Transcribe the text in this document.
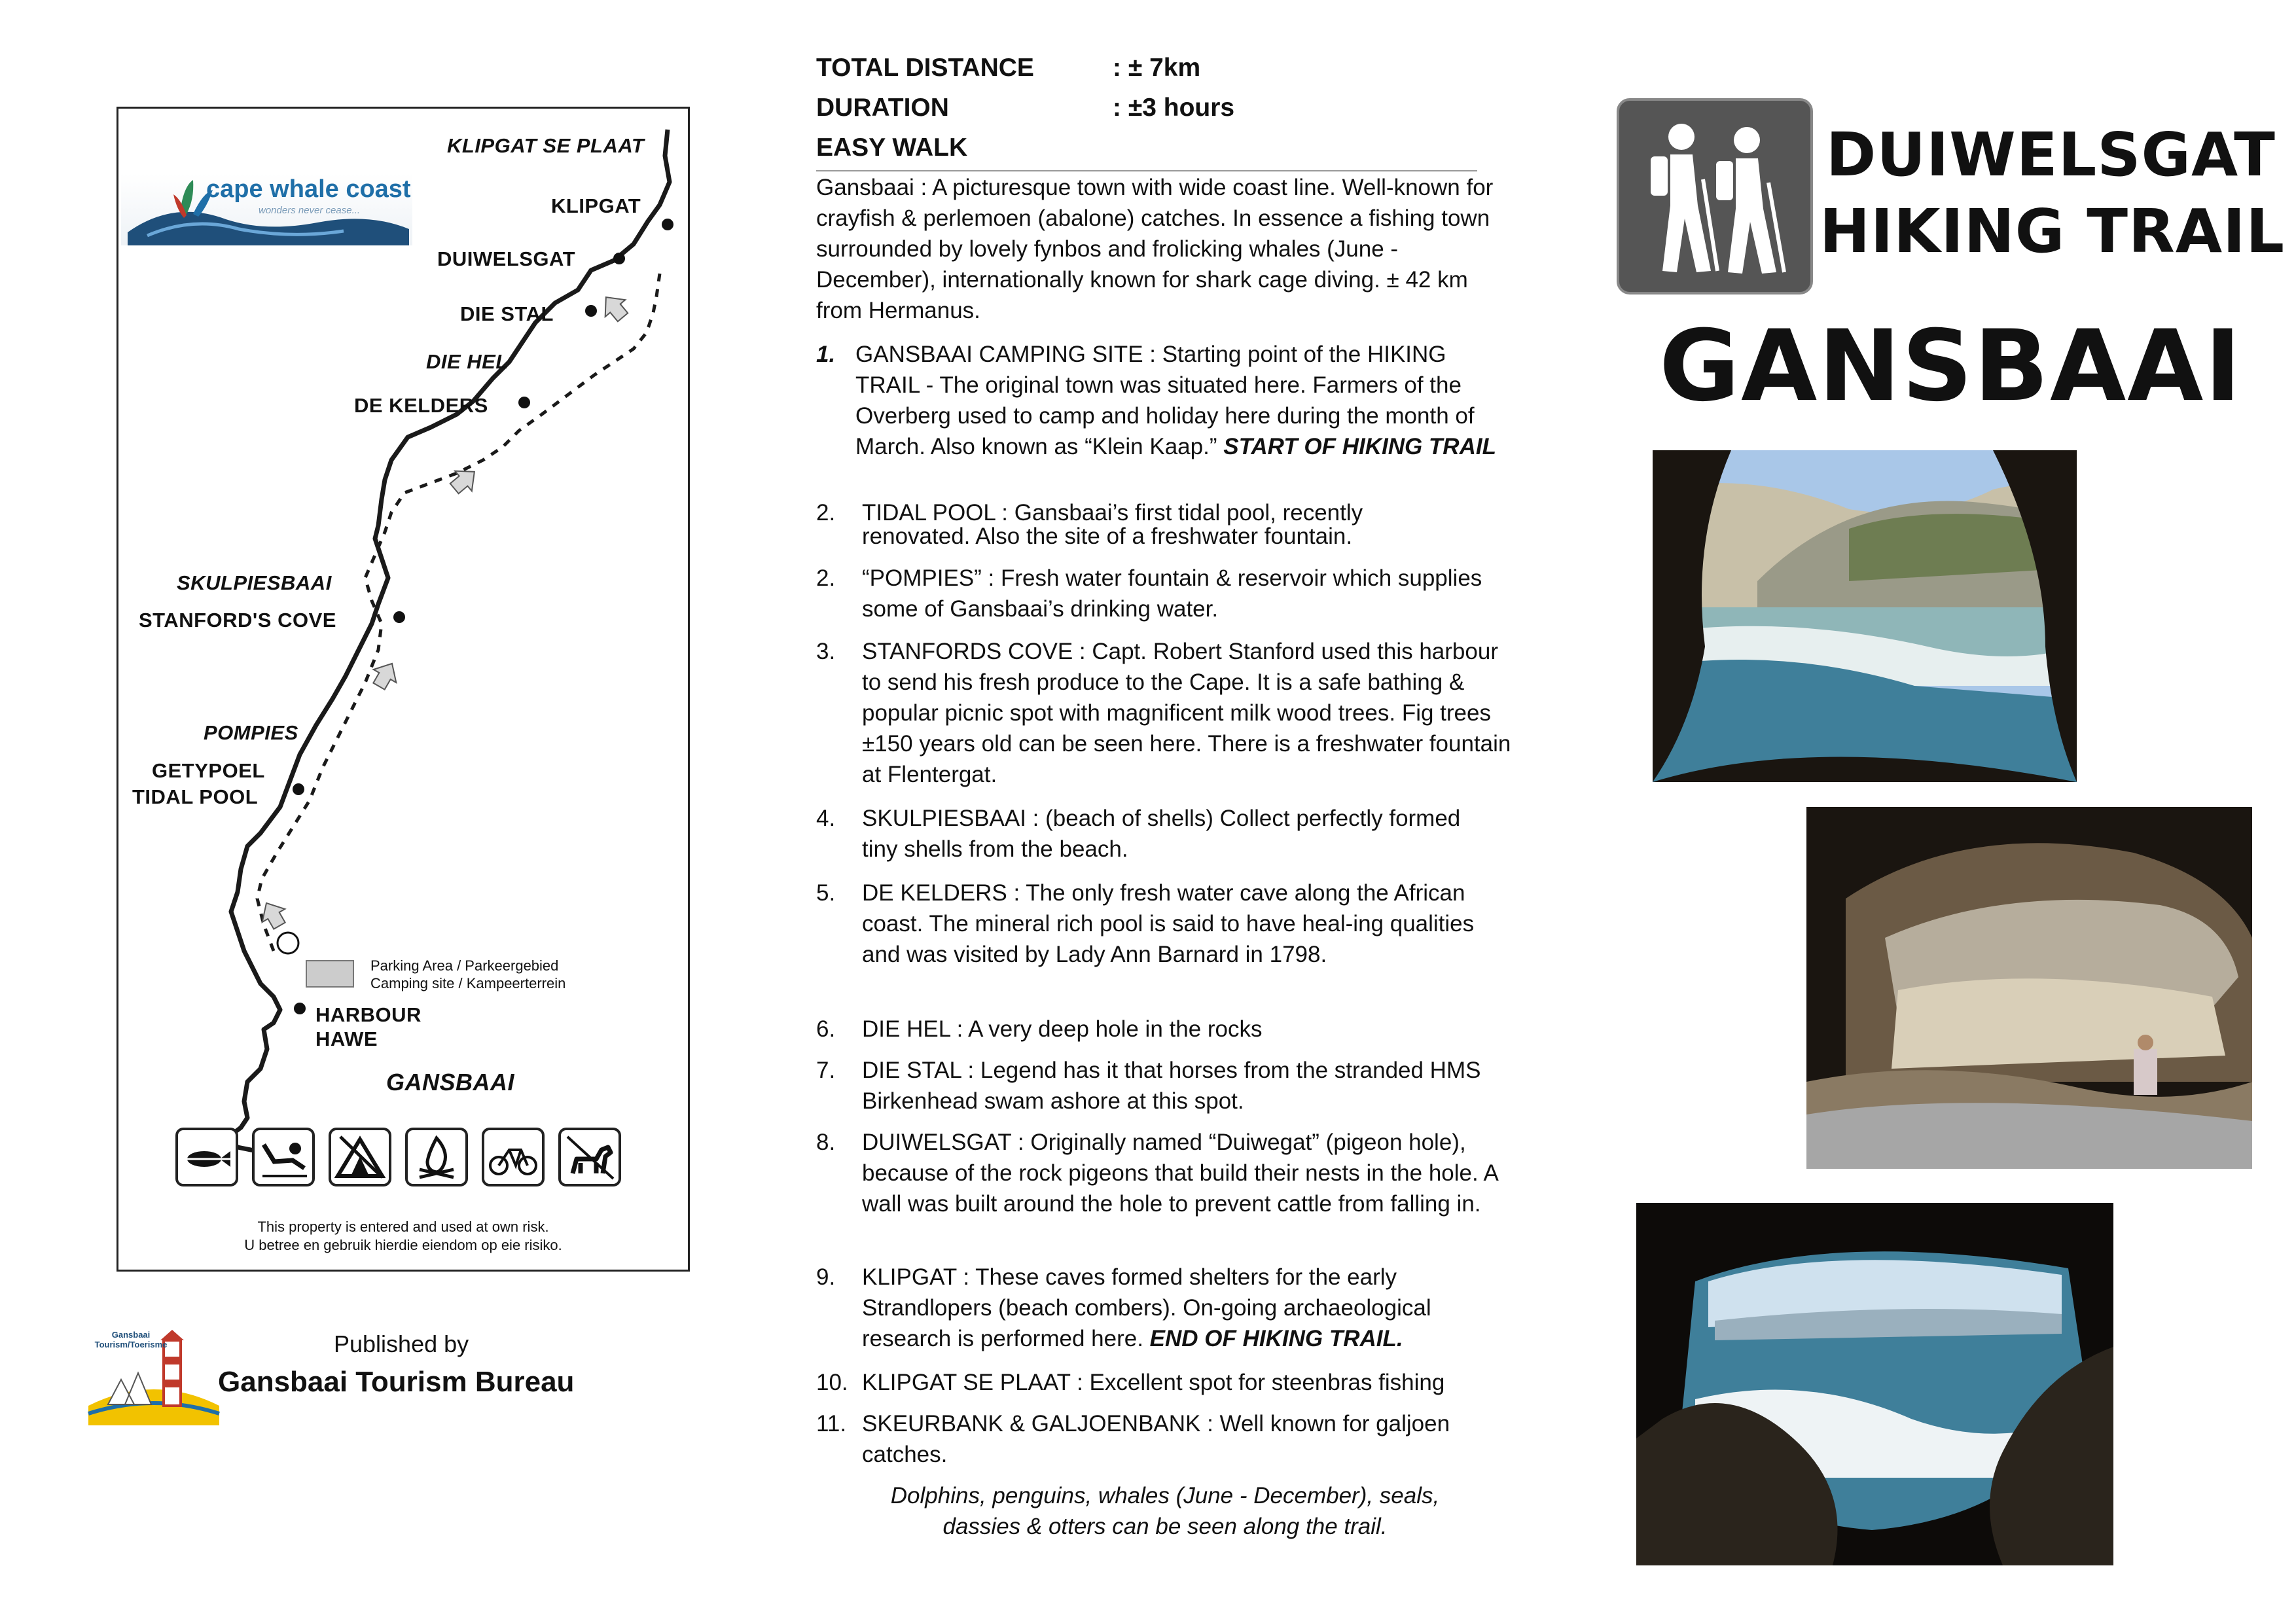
cape whale coast
wonders never cease...
KLIPGAT SE PLAAT
KLIPGAT
DUIWELSGAT
DIE STAL
DIE HEL
DE KELDERS
SKULPIESBAAI
STANFORD'S COVE
POMPIES
GETYPOEL
TIDAL POOL
HARBOUR
HAWE
GANSBAAI
Parking Area / Parkeergebied
Camping site / Kampeerterrein
This property is entered and used at own risk.
U betree en gebruik hierdie eiendom op eie risiko.
Gansbaai Tourism/Toerisme	Published by
Gansbaai Tourism Bureau
TOTAL DISTANCE	: ± 7km
DURATION	: ±3 hours
EASY WALK
Gansbaai : A picturesque town with wide coast line. Well-known for crayfish & perlemoen (abalone) catches. In essence a fishing town surrounded by lovely fynbos and frolicking whales (June - December), internationally known for shark cage diving. ± 42 km from Hermanus.
1. GANSBAAI CAMPING SITE : Starting point of the HIKING TRAIL - The original town was situated here. Farmers of the Overberg used to camp and holiday here during the month of March. Also known as “Klein Kaap.” START OF HIKING TRAIL
2. TIDAL POOL : Gansbaai’s first tidal pool, recently renovated. Also the site of a freshwater fountain.
2. “POMPIES” : Fresh water fountain & reservoir which supplies some of Gansbaai’s drinking water.
3. STANFORDS COVE : Capt. Robert Stanford used this harbour to send his fresh produce to the Cape. It is a safe bathing & popular picnic spot with magnificent milk wood trees. Fig trees ±150 years old can be seen here. There is a freshwater fountain at Flentergat.
4. SKULPIESBAAI : (beach of shells) Collect perfectly formed tiny shells from the beach.
5. DE KELDERS : The only fresh water cave along the African coast. The mineral rich pool is said to have heal-ing qualities and was visited by Lady Ann Barnard in 1798.
6. DIE HEL : A very deep hole in the rocks
7. DIE STAL : Legend has it that horses from the stranded HMS Birkenhead swam ashore at this spot.
8. DUIWELSGAT : Originally named “Duiwegat” (pigeon hole), because of the rock pigeons that build their nests in the hole. A wall was built around the hole to prevent cattle from falling in.
9. KLIPGAT : These caves formed shelters for the early Strandlopers (beach combers). On-going archaeological research is performed here. END OF HIKING TRAIL.
10. KLIPGAT SE PLAAT : Excellent spot for steenbras fishing
11. SKEURBANK & GALJOENBANK : Well known for galjoen catches.
Dolphins, penguins, whales (June - December), seals, dassies & otters can be seen along the trail.
DUIWELSGAT
HIKING TRAIL
GANSBAAI
